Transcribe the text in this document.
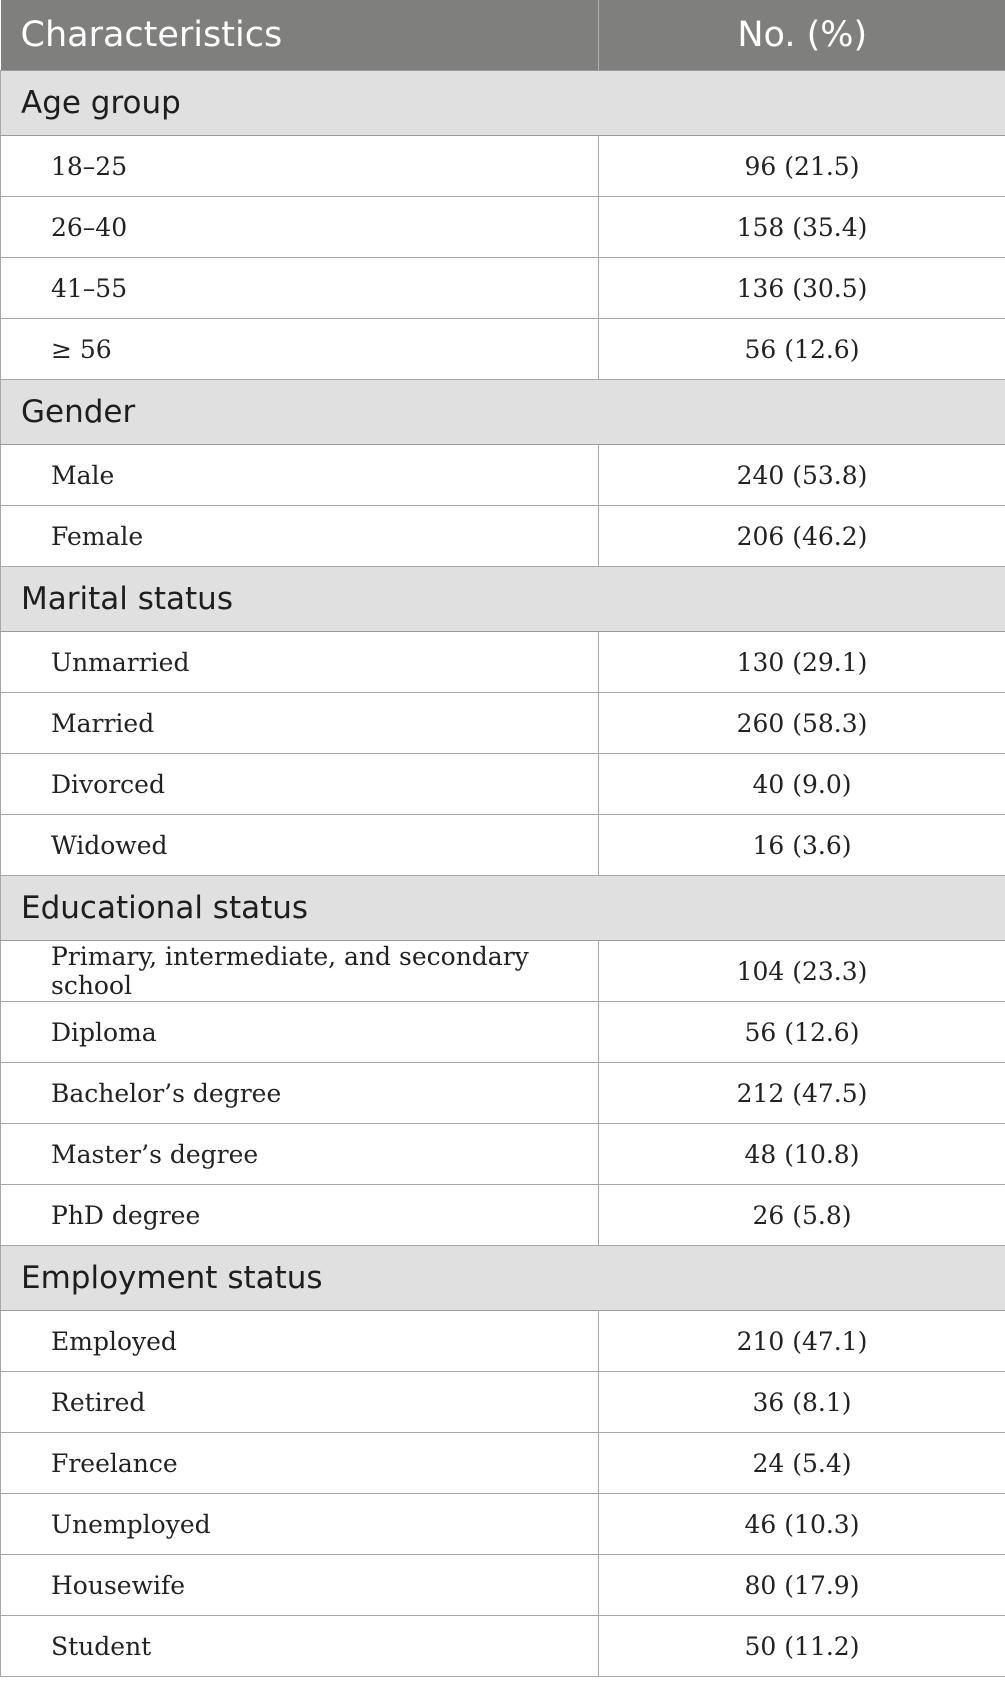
Characteristics	No. (%)
Age group	
18–25	96 (21.5)
26–40	158 (35.4)
41–55	136 (30.5)
≥ 56	56 (12.6)
Gender	
Male	240 (53.8)
Female	206 (46.2)
Marital status	
Unmarried	130 (29.1)
Married	260 (58.3)
Divorced	40 (9.0)
Widowed	16 (3.6)
Educational status	
Primary, intermediate, and secondary school	104 (23.3)
Diploma	56 (12.6)
Bachelor’s degree	212 (47.5)
Master’s degree	48 (10.8)
PhD degree	26 (5.8)
Employment status	
Employed	210 (47.1)
Retired	36 (8.1)
Freelance	24 (5.4)
Unemployed	46 (10.3)
Housewife	80 (17.9)
Student	50 (11.2)
